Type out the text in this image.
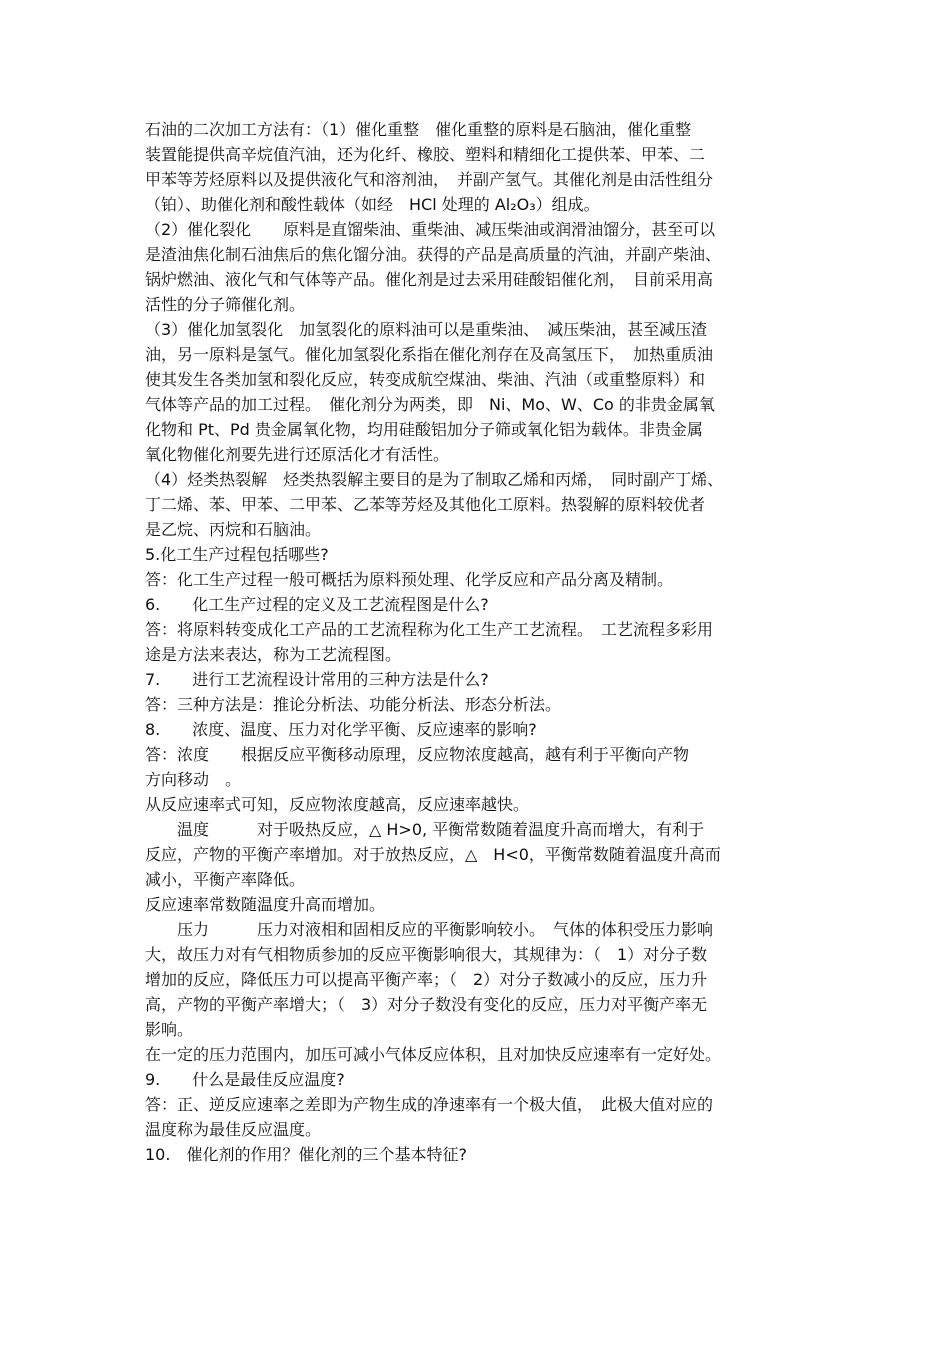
石油的二次加工方法有：（1）催化重整　催化重整的原料是石脑油，催化重整
装置能提供高辛烷值汽油，还为化纤、橡胶、塑料和精细化工提供苯、甲苯、二
甲苯等芳烃原料以及提供液化气和溶剂油，　并副产氢气。其催化剂是由活性组分
（铂）、助催化剂和酸性载体（如经　HCl 处理的 Al₂O₃）组成。
（2）催化裂化　　原料是直馏柴油、重柴油、减压柴油或润滑油馏分，甚至可以
是渣油焦化制石油焦后的焦化馏分油。获得的产品是高质量的汽油，并副产柴油、
锅炉燃油、液化气和气体等产品。催化剂是过去采用硅酸铝催化剂，　目前采用高
活性的分子筛催化剂。
（3）催化加氢裂化　加氢裂化的原料油可以是重柴油、　减压柴油，甚至减压渣
油，另一原料是氢气。催化加氢裂化系指在催化剂存在及高氢压下，　加热重质油
使其发生各类加氢和裂化反应，转变成航空煤油、柴油、汽油（或重整原料）和
气体等产品的加工过程。　催化剂分为两类，即　Ni、Mo、W、Co 的非贵金属氧
化物和 Pt、Pd 贵金属氧化物，均用硅酸铝加分子筛或氧化铝为载体。非贵金属
氧化物催化剂要先进行还原活化才有活性。
（4）烃类热裂解　烃类热裂解主要目的是为了制取乙烯和丙烯，　同时副产丁烯、
丁二烯、苯、甲苯、二甲苯、乙苯等芳烃及其他化工原料。热裂解的原料较优者
是乙烷、丙烷和石脑油。
5.化工生产过程包括哪些?
答：化工生产过程一般可概括为原料预处理、化学反应和产品分离及精制。
6.　　化工生产过程的定义及工艺流程图是什么?
答：将原料转变成化工产品的工艺流程称为化工生产工艺流程。　工艺流程多彩用
途是方法来表达，称为工艺流程图。
7.　　进行工艺流程设计常用的三种方法是什么?
答：三种方法是：推论分析法、功能分析法、形态分析法。
8.　　浓度、温度、压力对化学平衡、反应速率的影响?
答：浓度　　根据反应平衡移动原理，反应物浓度越高，越有利于平衡向产物
方向移动　。
从反应速率式可知，反应物浓度越高，反应速率越快。
　　温度　　　对于吸热反应，△ H>0, 平衡常数随着温度升高而增大，有利于
反应，产物的平衡产率增加。对于放热反应，△　H<0，平衡常数随着温度升高而
减小，平衡产率降低。
反应速率常数随温度升高而增加。
　　压力　　　压力对液相和固相反应的平衡影响较小。　气体的体积受压力影响
大，故压力对有气相物质参加的反应平衡影响很大，其规律为：（　1）对分子数
增加的反应，降低压力可以提高平衡产率；（　2）对分子数减小的反应，压力升
高，产物的平衡产率增大；（　3）对分子数没有变化的反应，压力对平衡产率无
影响。
在一定的压力范围内，加压可减小气体反应体积，且对加快反应速率有一定好处。
9.　　什么是最佳反应温度?
答：正、逆反应速率之差即为产物生成的净速率有一个极大值，　此极大值对应的
温度称为最佳反应温度。
10.　催化剂的作用？催化剂的三个基本特征?
